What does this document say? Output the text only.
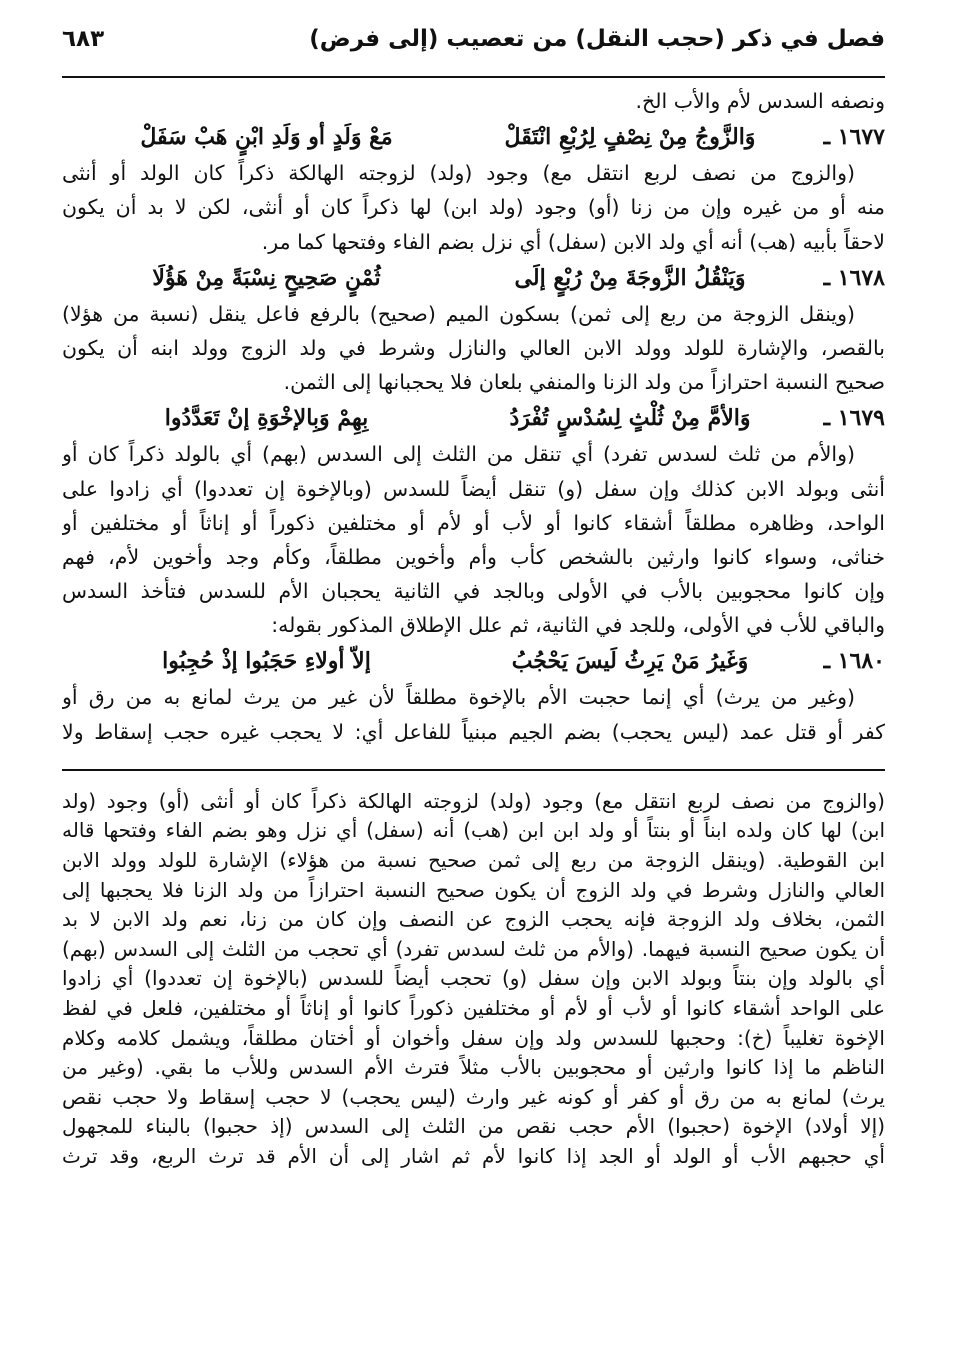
فصل في ذكر (حجب النقل) من تعصيب (إلى فرض)
٦٨٣
ونصفه السدس لأم والأب الخ.
١٦٧٧ ـ
وَالزَّوجُ مِنْ نِصْفٍ لِرُبْعِ انْتَقَلْ
مَعْ وَلَدٍ أو وَلَدِ ابْنٍ هَبْ سَفَلْ
(والزوج من نصف لربع انتقل مع) وجود (ولد) لزوجته الهالكة ذكراً كان الولد أو أنثى
منه أو من غيره وإن من زنا (أو) وجود (ولد ابن) لها ذكراً كان أو أنثى، لكن لا بد أن يكون
لاحقاً بأبيه (هب) أنه أي ولد الابن (سفل) أي نزل بضم الفاء وفتحها كما مر.
١٦٧٨ ـ
وَيَنْقُلُ الزَّوجَةَ مِنْ رُبْعٍ إلَى
ثُمْنٍ صَحِيحٍ نِسْبَةً مِنْ هَؤُلَا
(وينقل الزوجة من ربع إلى ثمن) بسكون الميم (صحيح) بالرفع فاعل ينقل (نسبة من هؤلا)
بالقصر، والإشارة للولد وولد الابن العالي والنازل وشرط في ولد الزوج وولد ابنه أن يكون
صحيح النسبة احترازاً من ولد الزنا والمنفي بلعان فلا يحجبانها إلى الثمن.
١٦٧٩ ـ
وَالأمَّ مِنْ ثُلْثٍ لِسُدْسٍ تُفْرَدُ
بِهِمْ وَبِالإخْوَةِ إنْ تَعَدَّدُوا
(والأم من ثلث لسدس تفرد) أي تنقل من الثلث إلى السدس (بهم) أي بالولد ذكراً كان أو
أنثى وبولد الابن كذلك وإن سفل (و) تنقل أيضاً للسدس (وبالإخوة إن تعددوا) أي زادوا على
الواحد، وظاهره مطلقاً أشقاء كانوا أو لأب أو لأم أو مختلفين ذكوراً أو إناثاً أو مختلفين أو
خناثى، وسواء كانوا وارثين بالشخص كأب وأم وأخوين مطلقاً، وكأم وجد وأخوين لأم، فهم
وإن كانوا محجوبين بالأب في الأولى وبالجد في الثانية يحجبان الأم للسدس فتأخذ السدس
والباقي للأب في الأولى، وللجد في الثانية، ثم علل الإطلاق المذكور بقوله:
١٦٨٠ ـ
وَغَيرُ مَنْ يَرِثُ لَيسَ يَحْجُبُ
إلاّ أولاءِ حَجَبُوا إذْ حُجِبُوا
(وغير من يرث) أي إنما حجبت الأم بالإخوة مطلقاً لأن غير من يرث لمانع به من رق أو
كفر أو قتل عمد (ليس يحجب) بضم الجيم مبنياً للفاعل أي: لا يحجب غيره حجب إسقاط ولا
(والزوج من نصف لربع انتقل مع) وجود (ولد) لزوجته الهالكة ذكراً كان أو أنثى (أو) وجود (ولد
ابن) لها كان ولده ابناً أو بنتاً أو ولد ابن ابن (هب) أنه (سفل) أي نزل وهو بضم الفاء وفتحها قاله
ابن القوطية. (وينقل الزوجة من ربع إلى ثمن صحيح نسبة من هؤلاء) الإشارة للولد وولد الابن
العالي والنازل وشرط في ولد الزوج أن يكون صحيح النسبة احترازاً من ولد الزنا فلا يحجبها إلى
الثمن، بخلاف ولد الزوجة فإنه يحجب الزوج عن النصف وإن كان من زنا، نعم ولد الابن لا بد
أن يكون صحيح النسبة فيهما. (والأم من ثلث لسدس تفرد) أي تحجب من الثلث إلى السدس (بهم)
أي بالولد وإن بنتاً وبولد الابن وإن سفل (و) تحجب أيضاً للسدس (بالإخوة إن تعددوا) أي زادوا
على الواحد أشقاء كانوا أو لأب أو لأم أو مختلفين ذكوراً كانوا أو إناثاً أو مختلفين، فلعل في لفظ
الإخوة تغليباً (خ): وحجبها للسدس ولد وإن سفل وأخوان أو أختان مطلقاً، ويشمل كلامه وكلام
الناظم ما إذا كانوا وارثين أو محجوبين بالأب مثلاً فترث الأم السدس وللأب ما بقي. (وغير من
يرث) لمانع به من رق أو كفر أو كونه غير وارث (ليس يحجب) لا حجب إسقاط ولا حجب نقص
(إلا أولاد) الإخوة (حجبوا) الأم حجب نقص من الثلث إلى السدس (إذ حجبوا) بالبناء للمجهول
أي حجبهم الأب أو الولد أو الجد إذا كانوا لأم ثم اشار إلى أن الأم قد ترث الربع، وقد ترث
